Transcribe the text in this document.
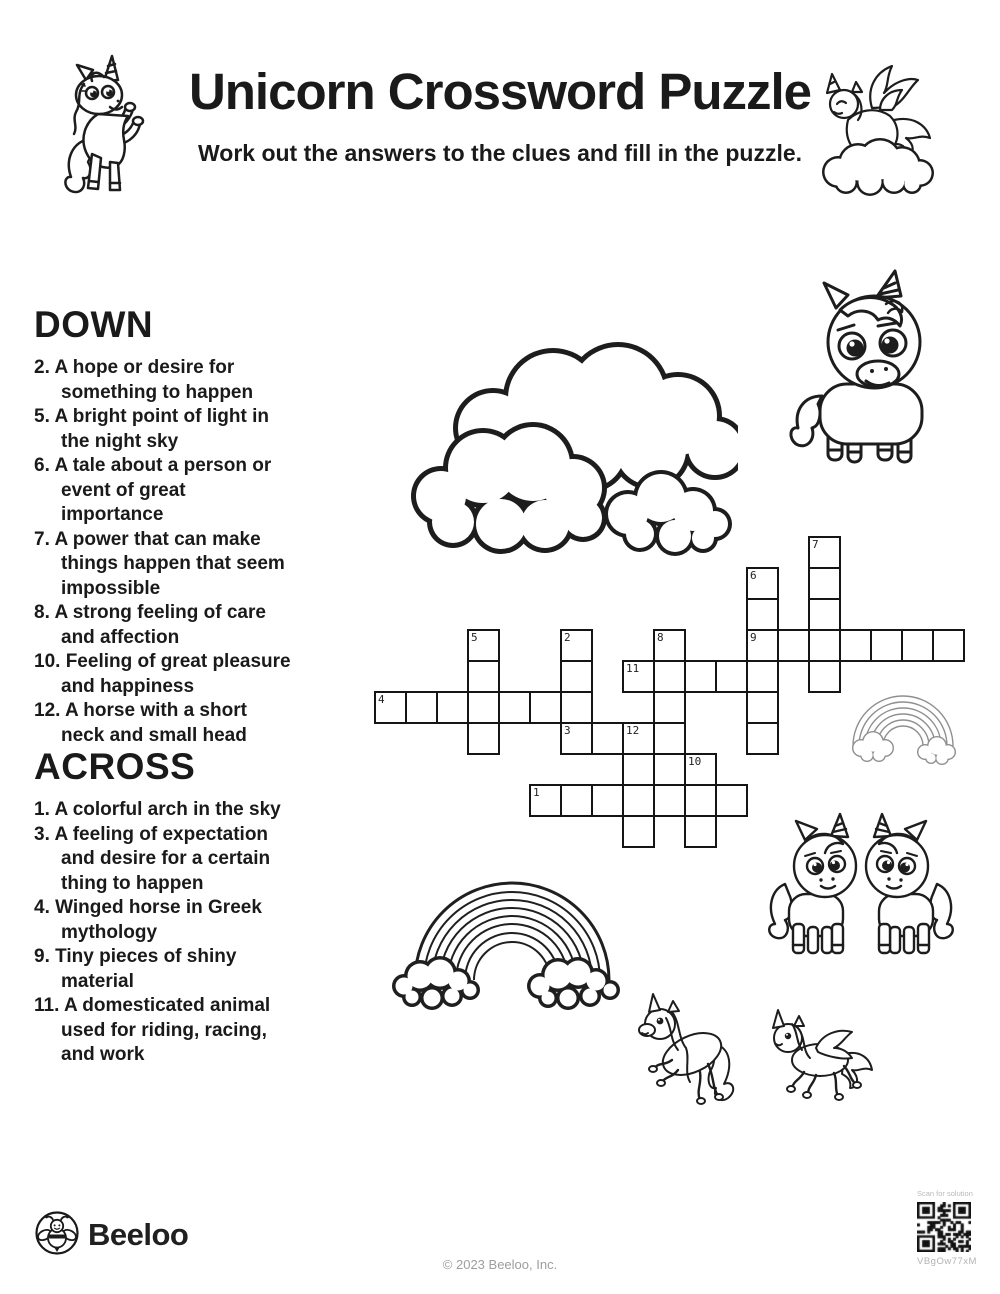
Unicorn Crossword Puzzle
Work out the answers to the clues and fill in the puzzle.
DOWN
2. A hope or desire for something to happen
5. A bright point of light in the night sky
6. A tale about a person or event of great importance
7. A power that can make things happen that seem impossible
8. A strong feeling of care and affection
10. Feeling of great pleasure and happiness
12. A horse with a short neck and small head
ACROSS
1. A colorful arch in the sky
3. A feeling of expectation and desire for a certain thing to happen
4. Winged horse in Greek mythology
9. Tiny pieces of shiny material
11. A domesticated animal used for riding, racing, and work
7
6
5	2	8	9
11
4
3	12
10
1
Beeloo
Scan for solution
VBgOw77xM
© 2023 Beeloo, Inc.
